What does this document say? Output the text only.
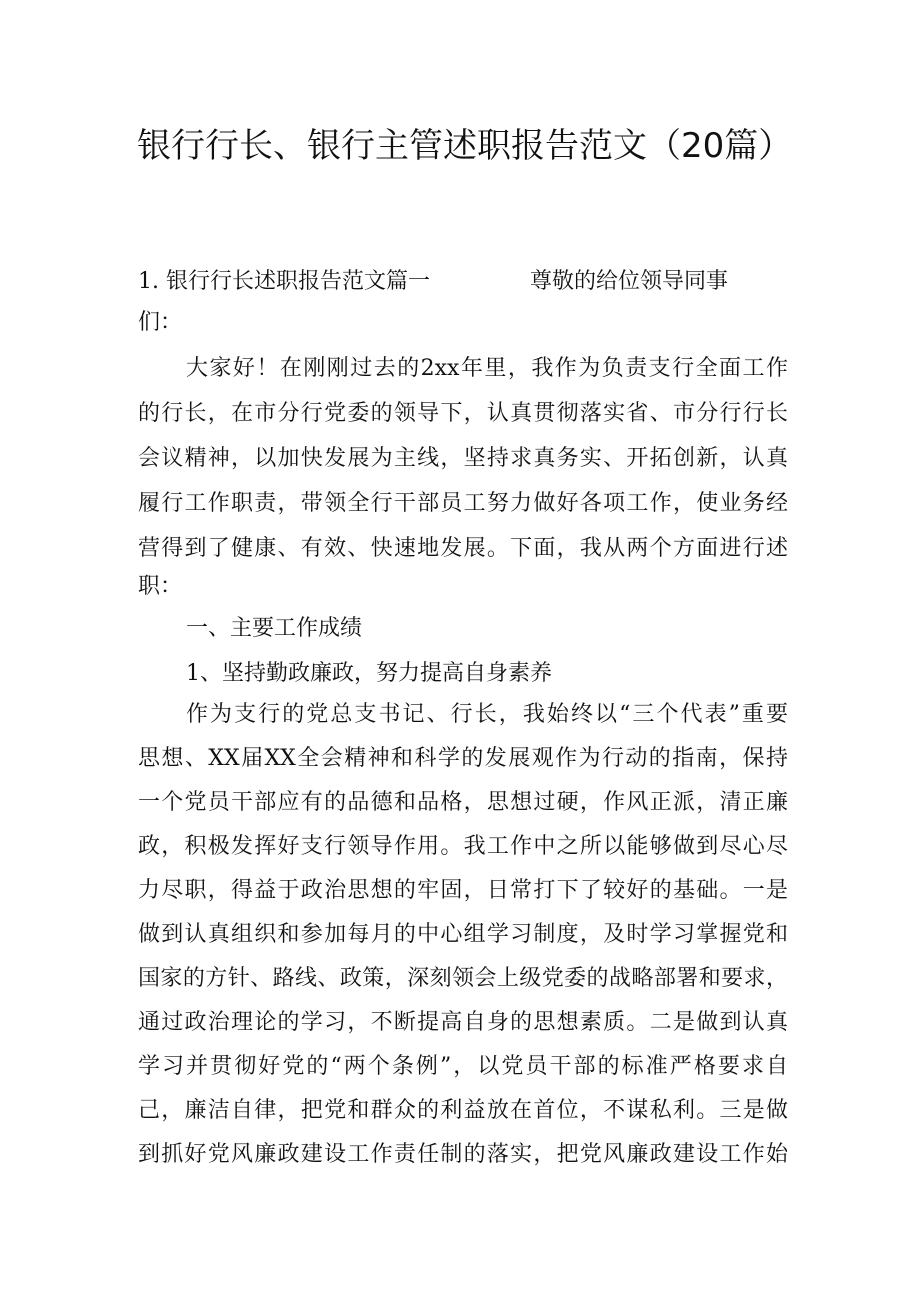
银行行长、银行主管述职报告范文（20篇）
1. 银行行长述职报告范文篇一	尊敬的给位领导同事

们：

大家好！在刚刚过去的2xx年里，我作为负责支行全面工作

的行长，在市分行党委的领导下，认真贯彻落实省、市分行行长

会议精神，以加快发展为主线，坚持求真务实、开拓创新，认真

履行工作职责，带领全行干部员工努力做好各项工作，使业务经

营得到了健康、有效、快速地发展。下面，我从两个方面进行述

职：

一、主要工作成绩

1、坚持勤政廉政，努力提高自身素养

作为支行的党总支书记、行长，我始终以“三个代表”重要

思想、XX届XX全会精神和科学的发展观作为行动的指南，保持

一个党员干部应有的品德和品格，思想过硬，作风正派，清正廉

政，积极发挥好支行领导作用。我工作中之所以能够做到尽心尽

力尽职，得益于政治思想的牢固，日常打下了较好的基础。一是

做到认真组织和参加每月的中心组学习制度，及时学习掌握党和

国家的方针、路线、政策，深刻领会上级党委的战略部署和要求，

通过政治理论的学习，不断提高自身的思想素质。二是做到认真

学习并贯彻好党的“两个条例”，以党员干部的标准严格要求自

己，廉洁自律，把党和群众的利益放在首位，不谋私利。三是做

到抓好党风廉政建设工作责任制的落实，把党风廉政建设工作始
